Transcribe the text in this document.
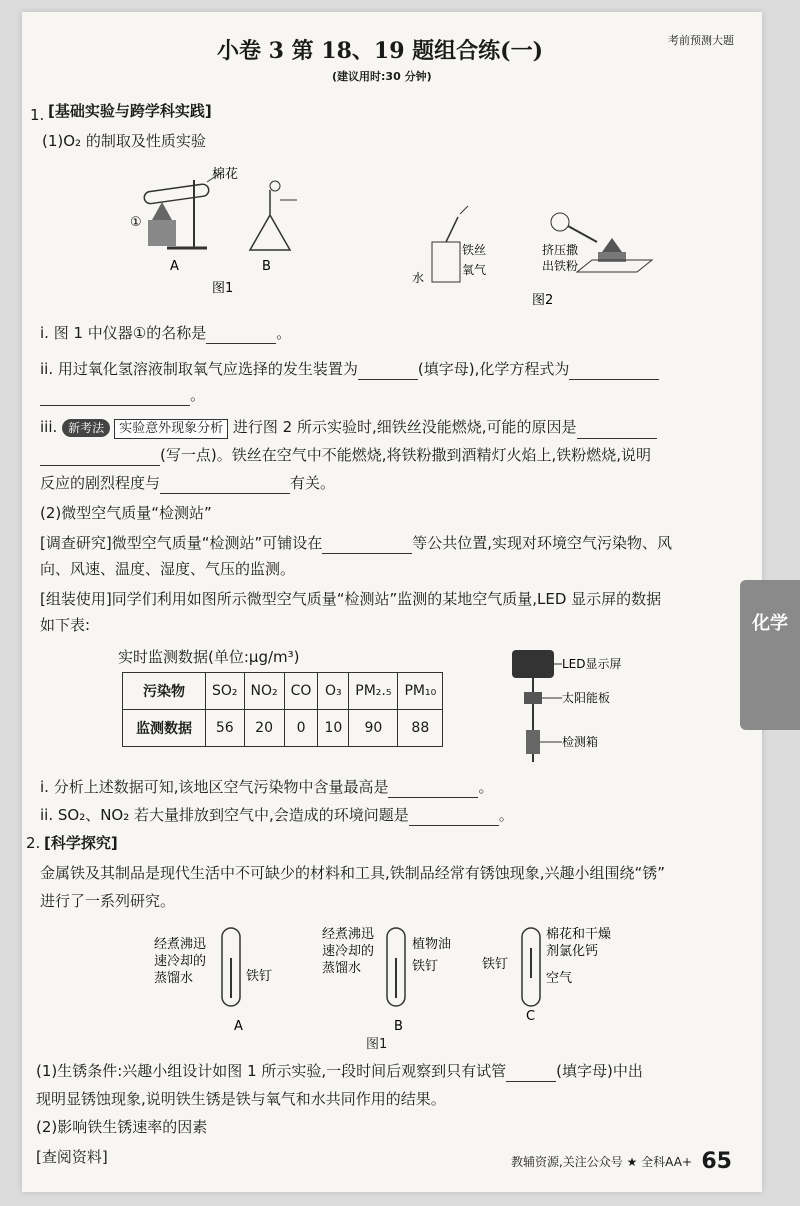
小卷 3 第 18、19 题组合练(一)
(建议用时:30 分钟)
考前预测大题
1. [基础实验与跨学科实践]
(1)O₂ 的制取及性质实验
棉花
①
A	B
图1
铁丝
氧气
水
挤压撒
出铁粉
图2
i. 图 1 中仪器①的名称是	。
ii. 用过氧化氢溶液制取氧气应选择的发生装置为	(填字母),化学方程式为
。
iii. 新考法 实验意外现象分析 进行图 2 所示实验时,细铁丝没能燃烧,可能的原因是
(写一点)。铁丝在空气中不能燃烧,将铁粉撒到酒精灯火焰上,铁粉燃烧,说明
反应的剧烈程度与	有关。
(2)微型空气质量“检测站”
[调查研究]微型空气质量“检测站”可铺设在	等公共位置,实现对环境空气污染物、风
向、风速、温度、湿度、气压的监测。
[组装使用]同学们利用如图所示微型空气质量“检测站”监测的某地空气质量,LED 显示屏的数据
如下表:
实时监测数据(单位:μg/m³)
污染物	SO₂	NO₂	CO	O₃	PM₂.₅	PM₁₀
监测数据	56	20	0	10	90	88
LED显示屏
太阳能板
检测箱
i. 分析上述数据可知,该地区空气污染物中含量最高是	。
ii. SO₂、NO₂ 若大量排放到空气中,会造成的环境问题是	。
2. [科学探究]
金属铁及其制品是现代生活中不可缺少的材料和工具,铁制品经常有锈蚀现象,兴趣小组围绕“锈”
进行了一系列研究。
经煮沸迅 速冷却的 蒸馏水	铁钉
A
经煮沸迅 速冷却的 蒸馏水
植物油
铁钉
B
铁钉
棉花和干燥 剂氯化钙
空气
C
图1
(1)生锈条件:兴趣小组设计如图 1 所示实验,一段时间后观察到只有试管	(填字母)中出
现明显锈蚀现象,说明铁生锈是铁与氧气和水共同作用的结果。
(2)影响铁生锈速率的因素
[查阅资料]	教辅资源,关注公众号 ★ 全科AA+ 65
化学
